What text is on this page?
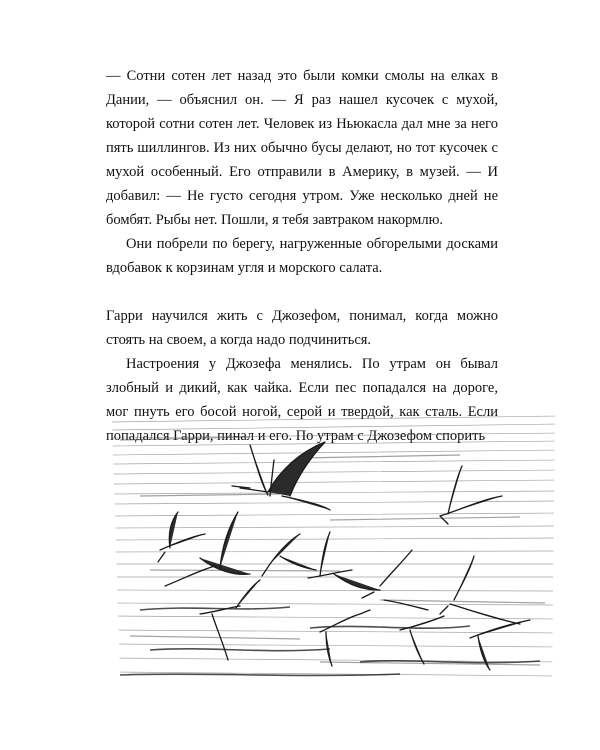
— Сотни сотен лет назад это были комки смолы на елках в Дании, — объяснил он. — Я раз нашел кусочек с мухой, которой сотни сотен лет. Человек из Ньюкасла дал мне за него пять шиллингов. Из них обычно бусы делают, но тот кусочек с мухой особенный. Его отправили в Америку, в музей. — И добавил: — Не густо сегодня утром. Уже несколько дней не бомбят. Рыбы нет. Пошли, я тебя завтраком накормлю.

Они побрели по берегу, нагруженные обгорелыми досками вдобавок к корзинам угля и морского салата.

Гарри научился жить с Джозефом, понимал, когда можно стоять на своем, а когда надо подчиниться.

Настроения у Джозефа менялись. По утрам он бывал злобный и дикий, как чайка. Если пес попадался на дороге, мог пнуть его босой ногой, серой и твердой, как сталь. Если попадался Гарри, пинал и его. По утрам с Джозефом спорить
